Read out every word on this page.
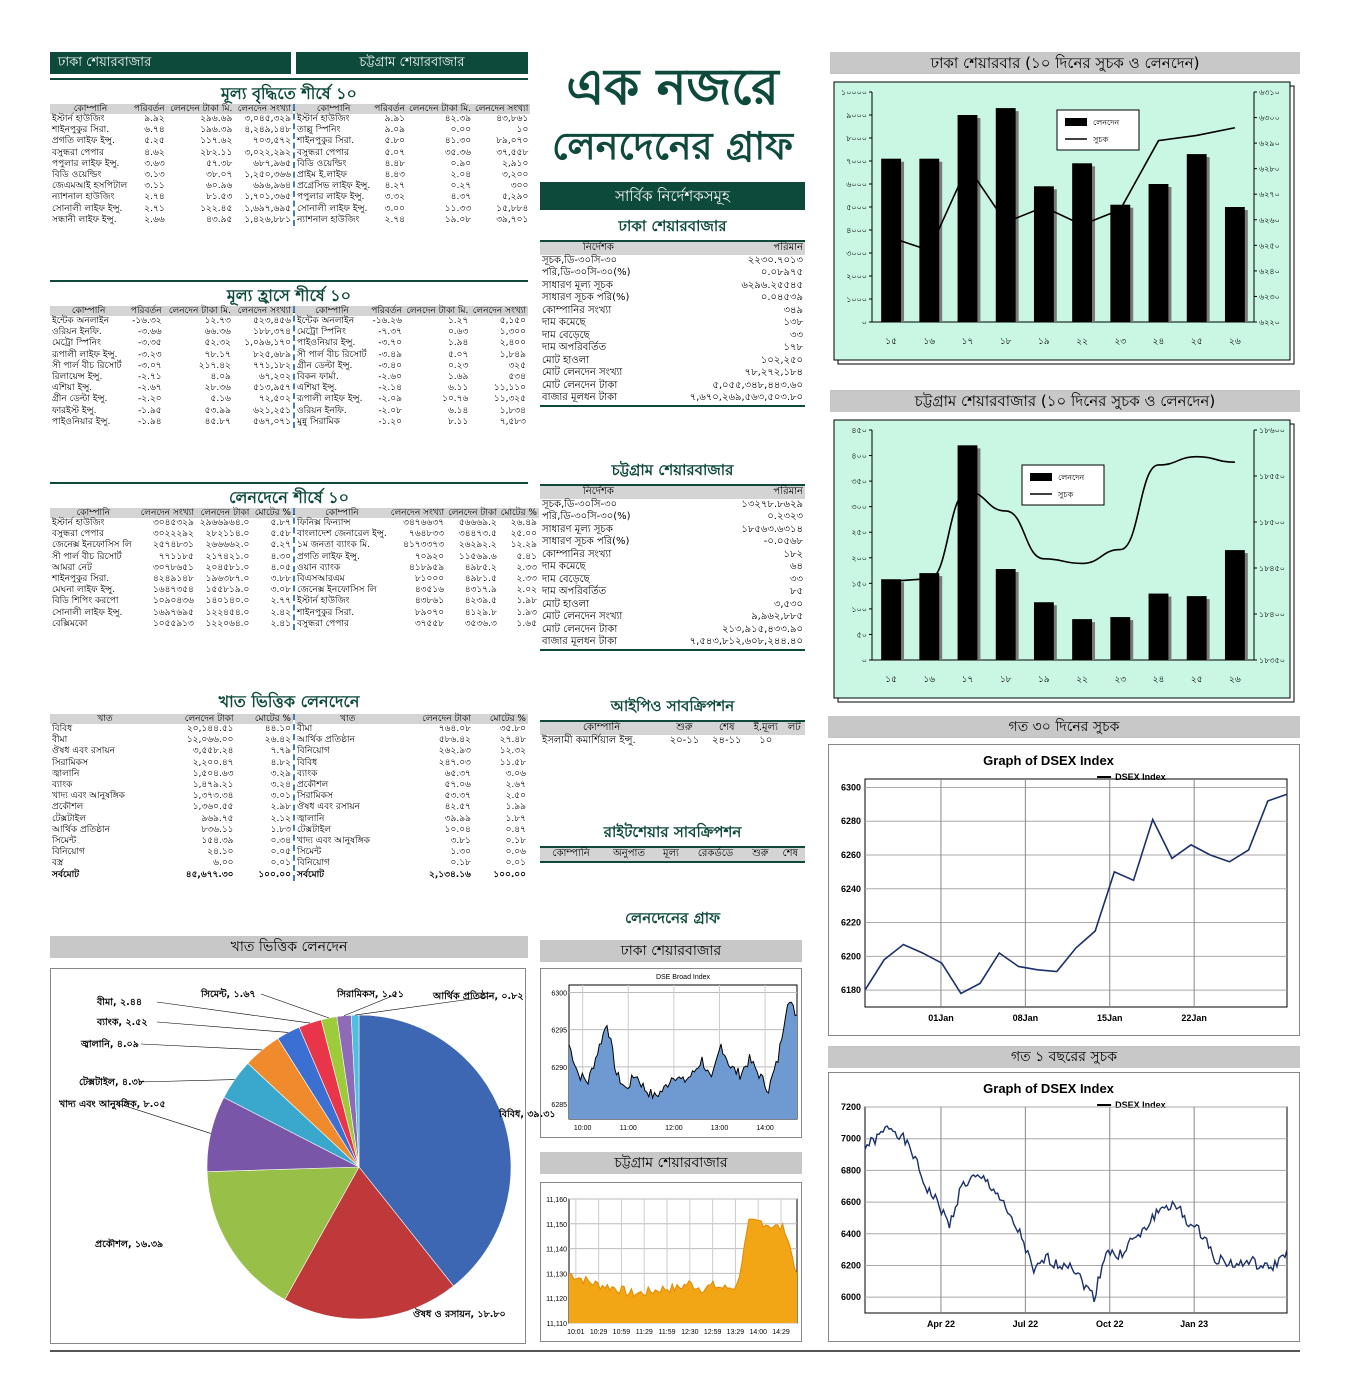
ঢাকা শেয়ারবাজার	চট্টগ্রাম শেয়ারবাজার
মূল্য বৃদ্ধিতে শীর্ষে ১০
কোম্পানি	পরিবর্তন	লেনদেন টাকা মি.	লেনদেন সংখ্যা
ইস্টার্ন হাউজিং	৯.৯২	২৯৬.৬৯	৩,০৪৫,৩২৯
শাইনপুকুর সিরা.	৬.৭৪	১৯৬.৩৯	৪,২৪৯,১৪৮
প্রগতি লাইফ ইন্সু.	৫.২৫	১১৭.৬২	৭০৩,৫৭২
বসুন্ধরা পেপার	৪.৬২	২৮২.১১	৩,০২২,২৯২
পপুলার লাইফ ইন্সু.	৩.৬৩	৫৭.৩৮	৬৮৭,৯৬৫
বিডি ওয়েল্ডিং	৩.১৩	৩৮.০৭	১,২৫০,৩৬৬
জেএমআই হসপিটাল	৩.১১	৬০.৯৬	৬৯৬,৯৬৪
ন্যাশনাল হাউজিং	২.৭৪	৮১.৫৩	১,৭০১,৩৬৫
সোনালী লাইফ ইন্সু.	২.৭১	১২২.৪৫	১,৬৯৭,৬৯৫
সন্ধানী লাইফ ইন্সু.	২.৬৬	৪৩.৯৫	১,৪২৬,৮৮১
কোম্পানি	পরিবর্তন	লেনদেন টাকা মি.	লেনদেন সংখ্যা
ইস্টার্ন হাউজিং	৯.৯১	৪২.৩৯	৪৩,৮৬১
তাল্লু স্পিনিং	৯.০৯	০.০০	১০
শাইনপুকুর সিরা.	৫.৮০	৪১.৩০	৮৯,০৭০
বসুন্ধরা পেপার	৫.০৭	৩৫.৩৬	৩৭,৫৫৮
বিডি ওয়েল্ডিং	৪.৪৮	০.৯০	২,৯১০
প্রাইম ই.লাইফ	৪.৪৩	২.০৪	৩,২০০
প্রগ্রেসিভ লাইফ ইন্সু.	৪.২৭	০.২৭	৩০০
পপুলার লাইফ ইন্সু.	৩.৩২	৪.৩৭	৫,২৯০
সোনালী লাইফ ইন্সু.	৩.০০	১১.৩৩	১৫,৮৮৪
ন্যাশনাল হাউজিং	২.৭৪	১৯.০৮	৩৯,৭০১
মূল্য হ্রাসে শীর্ষে ১০
কোম্পানি	পরিবর্তন	লেনদেন টাকা মি.	লেনদেন সংখ্যা
ইন্টেক অনলাইন	-১৬.৩২	১২.৭৩	৫২৩,৪৫৬
ওরিয়ন ইনফি.	-৩.৬৬	৬৬.৩৬	১৮৮,৩৭৪
মেট্রো স্পিনিং	-৩.৩৫	৫২.৩২	১,০৯৬,১৭০
রূপালী লাইফ ইন্সু.	-৩.২৩	৭৮.১৭	৮২৫,৬৮৯
সী পার্ল বীচ রিসোর্ট	-৩.০৭	২১৭.৪২	৭৭১,১৮২
রিলায়েন্স ইন্সু.	-২.৭১	৪.০৯	৬৭,২০২
এশিয়া ইন্সু.	-২.৬৭	২৮.৩৬	৫১৩,৯৫৭
গ্রীন ডেল্টা ইন্সু.	-২.২০	৫.১৬	৭২,৫০২
ফারইস্ট ইন্সু.	-১.৯৫	৫৩.৯৯	৬২১,২৫১
পাইওনিয়ার ইন্সু.	-১.৯৪	৪৫.৮৭	৫৬৭,০৭১
কোম্পানি	পরিবর্তন	লেনদেন টাকা মি.	লেনদেন সংখ্যা
ইন্টেক অনলাইন	-১৬.২৬	১.২৭	৫,১৫০
মেট্রো স্পিনিং	-৭.৩৭	০.৬৩	১,৩০০
পাইওনিয়ার ইন্সু.	-৩.৭০	১.৯৪	২,৪০০
সী পার্ল বীচ রিসোর্ট	-৩.৪৯	৫.০৭	১,৮৪৯
গ্রীন ডেল্টা ইন্সু.	-৩.৪০	০.২৩	৩২৫
বিকন ফার্মা.	-২.৬০	১.৬৯	৫৩৪
এশিয়া ইন্সু.	-২.১৪	৬.১১	১১,১১০
রূপালী লাইফ ইন্সু.	-২.০৯	১০.৭৬	১১,৩২৫
ওরিয়ন ইনফি.	-২.০৮	৬.১৪	১,৮৩৪
মুন্নু সিরামিক	-১.২০	৮.১১	৭,৫৮৩
লেনদেনে শীর্ষে ১০
কোম্পানি	লেনদেন সংখ্যা	লেনদেন টাকা	মোটের %
ইস্টার্ন হাউজিং	৩০৪৫৩২৯	২৯৬৬৯৬৪.০	৫.৮৭
বসুন্ধরা পেপার	৩০২২২৯২	২৮২১১৪.০	৫.৫৮
জেনেক্স ইনফোসিস লি	২৫৭৪৮৩১	২৬৬৬৬২.০	৫.২৭
সী পার্ল বীচ রিসোর্ট	৭৭১১৮৫	২১৭৪২১.০	৪.৩০
আমরা নেট	৩০৭৮৬৫১	২০৪৫৮১.০	৪.০৫
শাইনপুকুর সিরা.	৪২৪৯১৪৮	১৯৬৩৮৭.০	৩.৮৮
মেঘনা লাইফ ইন্সু.	১৬৪৭৩৫৪	১৫৫৮১৯.০	৩.০৮
বিডি শিপিং করপো	১০৯০৪৩৬	১৪০১৪০.০	২.৭৭
সোনালী লাইফ ইন্সু.	১৬৯৭৬৯৫	১২২৪৫৪.০	২.৪২
বেক্সিমকো	১০৫৫৯১৩	১২২০৬৪.০	২.৪১
কোম্পানি	লেনদেন সংখ্যা	লেনদেন টাকা	মোটের %
ফিনিক্স ফিন্যান্স	৩৪৭৬৬৩৭	৫৬৬৬৯.২	২৬.৪৯
বাংলাদেশ জেনারেল ইন্সু.	৭৬৪৮৩৩	৩৪৪৭৩.৫	২৫.০০
১ম জনতা ব্যাংক মি.	৪১৭৩৩৭৩	২৬২৯২.২	১২.২৯
প্রগতি লাইফ ইন্সু.	৭০৯২০	১১৫৬৯.৬	৫.৪১
ওয়ান ব্যাংক	৪১৮৯৫৯	৪৯৮৫.২	২.৩৩
বিএসআরএম	৮১০০০	৪৯৮১.৫	২.৩৩
জেনেক্স ইনফোসিস লি	৪৩৫১৬	৪৩১৭.৯	২.০২
ইস্টার্ন হাউজিং	৪৩৮৬১	৪২৩৯.৫	১.৯৮
শাইনপুকুর সিরা.	৮৯০৭০	৪১২৯.৮	১.৯৩
বসুন্ধরা পেপার	৩৭৫৫৮	৩৫৩৬.৩	১.৬৫
খাত ভিত্তিক লেনদেনে
খাত	লেনদেন টাকা	মোটের %
বিবিধ	২০,১৪৪.৫১	৪৪.১০
বীমা	১২,০৬৬.০০	২৬.৪২
ঔষধ এবং রসায়ন	৩,৫৫৮.২৪	৭.৭৯
সিরামিকস	২,২০০.৪৭	৪.৮২
জ্বালানি	১,৫০৪.৬৩	৩.২৯
ব্যাংক	১,৪৭৯.২১	৩.২৪
খাদ্য এবং আনুষঙ্গিক	১,৩৭৩.৩৪	৩.০১
প্রকৌশল	১,৩৬০.৫৫	২.৯৮
টেক্সটাইল	৯৬৯.৭৫	২.১২
আর্থিক প্রতিষ্ঠান	৮৩৬.১১	১.৮৩
সিমেন্ট	১৫৪.৩৯	০.৩৪
বিনিয়োগ	২৪.১০	০.০৫
বস্ত্র	৬.০০	০.০১
সর্বমোট	৪৫,৬৭৭.৩০	১০০.০০
খাত	লেনদেন টাকা	মোটের %
বীমা	৭৬৪.০৮	৩৫.৮০
আর্থিক প্রতিষ্ঠান	৫৮৬.৪২	২৭.৪৮
বিনিয়োগ	২৬২.৯৩	১২.৩২
বিবিধ	২৪৭.০৩	১১.৫৮
ব্যাংক	৬৫.৩৭	৩.০৬
প্রকৌশল	৫৭.০৬	২.৬৭
সিরামিকস	৫৩.৩৭	২.৫০
ঔষধ এবং রসায়ন	৪২.৫৭	১.৯৯
জ্বালানি	৩৯.৯৯	১.৮৭
টেক্সটাইল	১০.০৪	০.৪৭
খাদ্য এবং আনুষঙ্গিক	৩.৮১	০.১৮
সিমেন্ট	১.৩০	০.০৬
বিনিয়োগ	০.১৮	০.০১
সর্বমোট	২,১৩৪.১৬	১০০.০০
খাত ভিত্তিক লেনদেন
বিবিধ, ৩৯.৩১
ঔষধ ও রসায়ন, ১৮.৮০
প্রকৌশল, ১৬.৩৯
খাদ্য এবং আনুষঙ্গিক, ৮.০৫
টেক্সটাইল, ৪.৩৮
জ্বালানি, ৪.০৯
ব্যাংক, ২.৫২
বীমা, ২.৪৪
সিমেন্ট, ১.৬৭	সিরামিকস, ১.৫১	আর্থিক প্রতিষ্ঠান, ০.৮২
এক নজরে
লেনদেনের গ্রাফ
সার্বিক নির্দেশকসমূহ
ঢাকা শেয়ারবাজার
নির্দেশক	পরিমান
সূচক,ডি-৩০সি-৩০	২২৩০.৭০১৩
পরি,ডি-৩০সি-৩০(%)	০.০৮৯৭৫
সাধারণ মূল্য সূচক	৬২৯৬.২৫৫৪৫
সাধারণ সূচক পরি(%)	০.০৪৫৩৯
কোম্পানির সংখ্যা	৩৪৯
দাম কমেছে	১৩৮
দাম বেড়েছে	৩৩
দাম অপরিবর্তিত	১৭৮
মোট হাওলা	১০২,২৫০
মোট লেনদেন সংখ্যা	৭৮,২৭২,১৮৪
মোট লেনদেন টাকা	৫,০৫৫,৩৪৮,৪৪৩.৬০
বাজার মূলধন টাকা	৭,৬৭০,২৬৯,৫৬৩,৫০৩.৮০
চট্টগ্রাম শেয়ারবাজার
নির্দেশক	পরিমান
সূচক,ডি-৩০সি-৩০	১৩২৭৮.৮৬২৯
পরি,ডি-৩০সি-৩০(%)	০.২৩২৩
সাধারণ মূল্য সূচক	১৮৫৬৩.৬৩১৪
সাধারণ সূচক পরি(%)	-০.০৫৬৮
কোম্পানির সংখ্যা	১৮২
দাম কমেছে	৬৪
দাম বেড়েছে	৩৩
দাম অপরিবর্তিত	৮৫
মোট হাওলা	৩,৫৩০
মোট লেনদেন সংখ্যা	৯,৯৬২,৮৮৫
মোট লেনদেন টাকা	২১৩,৯১৫,৪৩৩.৯০
বাজার মূলধন টাকা	৭,৫৪৩,৮১২,৬০৮,২৪৪.৪০
আইপিও সাবক্রিপশন
কোম্পানি	শুরু	শেষ	ই.মূল্য	লট
ইসলামী কমার্শিয়াল ইন্সু.	২০-১১	২৪-১১	১০	
রাইটশেয়ার সাবক্রিপশন
কোম্পানি	অনুপাত	মূল্য	রেকর্ডডে	শুরু	শেষ
লেনদেনের গ্রাফ
ঢাকা শেয়ারবাজার
DSE Broad Index
6285
6290
6295
6300
10:00	11:00	12:00	13:00	14:00
চট্টগ্রাম শেয়ারবাজার
11,110
11,120
11,130
11,140
11,150
11,160
10:01 10:29 10:59 11:29 11:59 12:30 12:59 13:29 14:00 14:29
ঢাকা শেয়ারবার (১০ দিনের সুচক ও লেনদেন)
০
১০০০
২০০০
৩০০০
৪০০০
৫০০০
৬০০০
৭০০০
৮০০০
৯০০০
১০০০০
৬২২০
৬২৩০
৬২৪০
৬২৫০
৬২৬০
৬২৭০
৬২৮০
৬২৯০
৬৩০০
৬৩১০
১৫	১৬	১৭	১৮	১৯	২২	২৩	২৪	২৫	২৬
লেনদেন
সুচক
চট্টগ্রাম শেয়ারবাজার (১০ দিনের সুচক ও লেনদেন)
০
৫০
১০০
১৫০
২০০
২৫০
৩০০
৩৫০
৪০০
৪৫০
১৮৩৫০
১৮৪০০
১৮৪৫০
১৮৫০০
১৮৫৫০
১৮৬০০
১৫	১৬	১৭	১৮	১৯	২২	২৩	২৪	২৫	২৬
লেনদেন
সুচক
গত ৩০ দিনের সুচক
Graph of DSEX Index
DSEX Index
6180
6200
6220
6240
6260
6280
6300
01Jan	08Jan	15Jan	22Jan
গত ১ বছরের সুচক
Graph of DSEX Index
DSEX Index
6000
6200
6400
6600
6800
7000
7200
Apr 22	Jul 22	Oct 22	Jan 23
